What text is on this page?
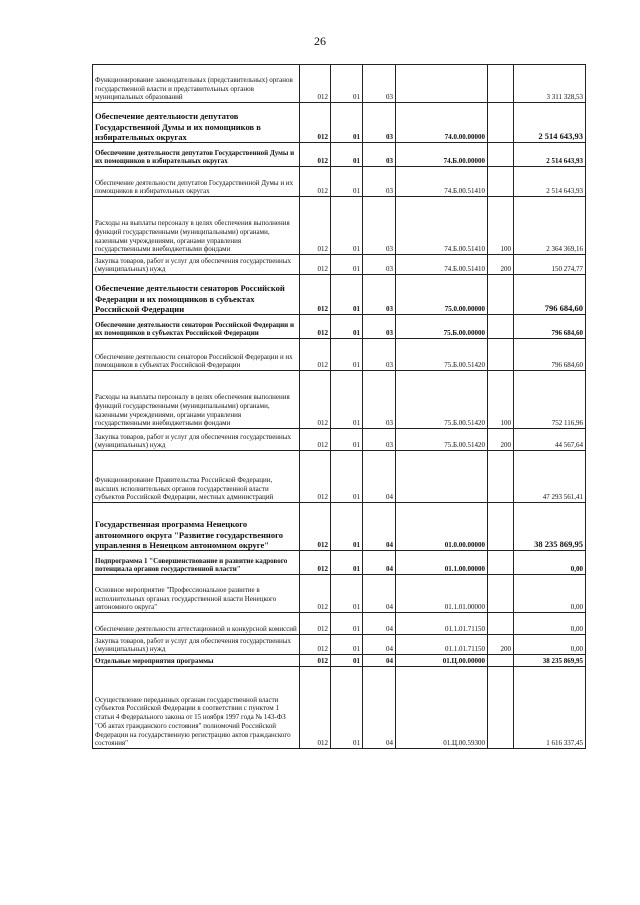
26
Функционирование законодательных (представительных) органов государственной власти и представительных органов муниципальных образований	012	01	03			3 311 328,53
Обеспечение деятельности депутатов Государственной Думы и их помощников в избирательных округах	012	01	03	74.0.00.00000		2 514 643,93
Обеспечение деятельности депутатов Государственной Думы и их помощников в избирательных округах	012	01	03	74.Б.00.00000		2 514 643,93
Обеспечение деятельности депутатов Государственной Думы и их помощников в избирательных округах	012	01	03	74.Б.00.51410		2 514 643,93
Расходы на выплаты персоналу в целях обеспечения выполнения функций государственными (муниципальными) органами, казенными учреждениями, органами управления государственными внебюджетными фондами	012	01	03	74.Б.00.51410	100	2 364 369,16
Закупка товаров, работ и услуг для обеспечения государственных (муниципальных) нужд	012	01	03	74.Б.00.51410	200	150 274,77
Обеспечение деятельности сенаторов Российской Федерации и их помощников в субъектах Российской Федерации	012	01	03	75.0.00.00000		796 684,60
Обеспечение деятельности сенаторов Российской Федерации и их помощников в субъектах Российской Федерации	012	01	03	75.Б.00.00000		796 684,60
Обеспечение деятельности сенаторов Российской Федерации и их помощников в субъектах Российской Федерации	012	01	03	75.Б.00.51420		796 684,60
Расходы на выплаты персоналу в целях обеспечения выполнения функций государственными (муниципальными) органами, казенными учреждениями, органами управления государственными внебюджетными фондами	012	01	03	75.Б.00.51420	100	752 116,96
Закупка товаров, работ и услуг для обеспечения государственных (муниципальных) нужд	012	01	03	75.Б.00.51420	200	44 567,64
Функционирование Правительства Российской Федерации, высших исполнительных органов государственной власти субъектов Российской Федерации, местных администраций	012	01	04			47 293 561,41
Государственная программа Ненецкого автономного округа "Развитие государственного управления в Ненецком автономном округе"	012	01	04	01.0.00.00000		38 235 869,95
Подпрограмма 1 "Совершенствование и развитие кадрового потенциала органов государственной власти"	012	01	04	01.1.00.00000		0,00
Основное мероприятие "Профессиональное развитие в исполнительных органах государственной власти Ненецкого автономного округа"	012	01	04	01.1.01.00000		0,00
Обеспечение деятельности аттестационной и конкурсной комиссий	012	01	04	01.1.01.71150		0,00
Закупка товаров, работ и услуг для обеспечения государственных (муниципальных) нужд	012	01	04	01.1.01.71150	200	0,00
Отдельные мероприятия программы	012	01	04	01.Ц.00.00000		38 235 869,95
Осуществление переданных органам государственной власти субъектов Российской Федерации в соответствии с пунктом 1 статьи 4 Федерального закона от 15 ноября 1997 года № 143-ФЗ "Об актах гражданского состояния" полномочий Российской Федерации на государственную регистрацию актов гражданского состояния"	012	01	04	01.Ц.00.59300		1 616 337,45
